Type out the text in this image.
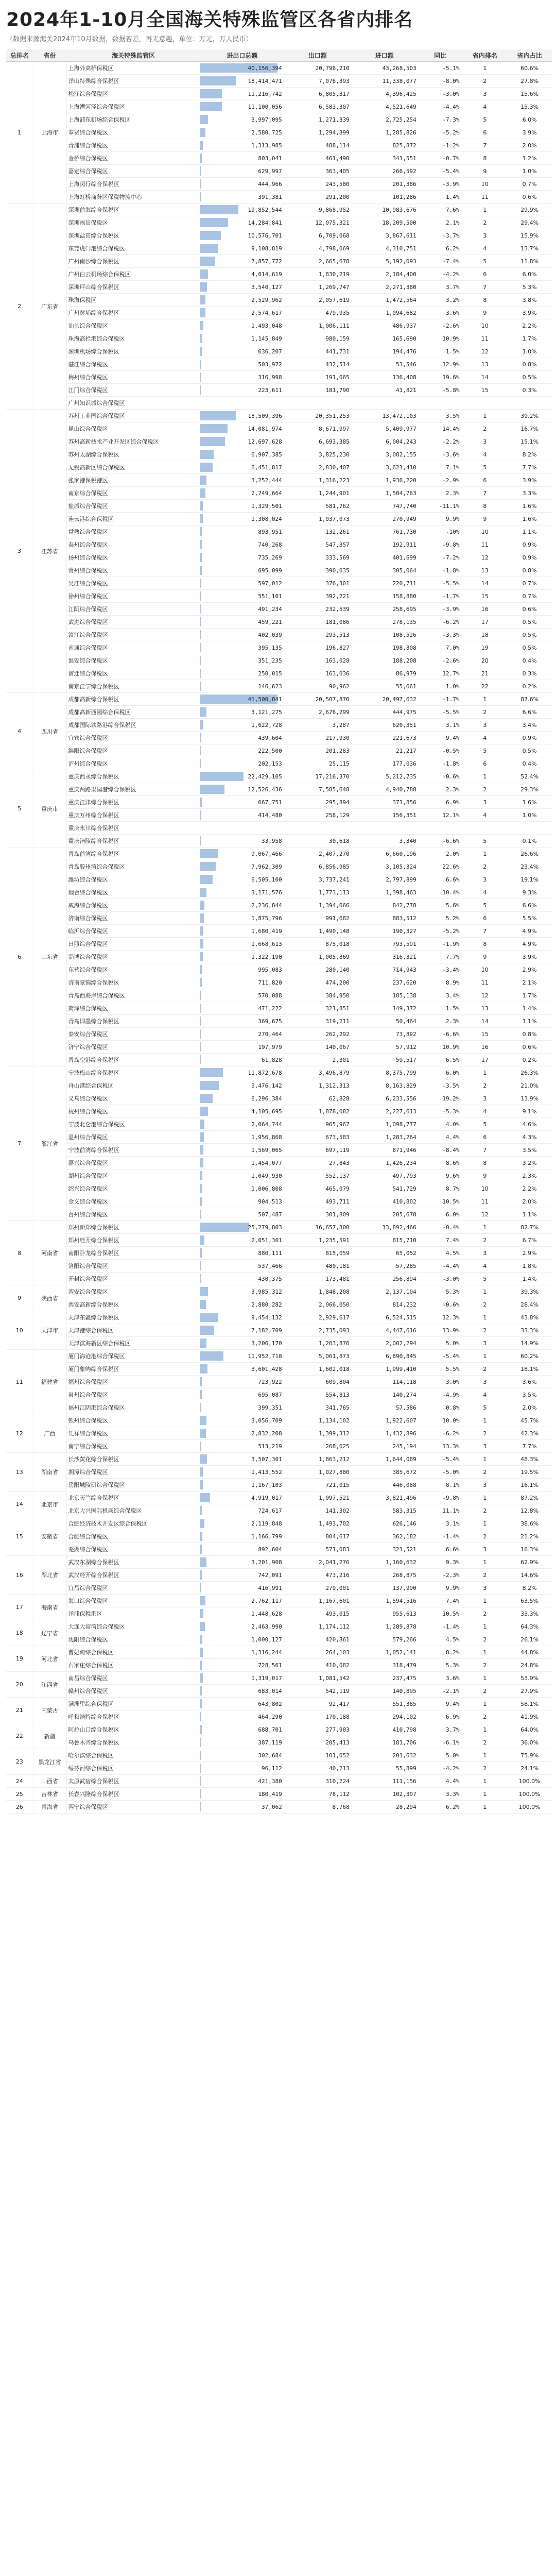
2024年1-10月全国海关特殊监管区各省内排名
（数据来源海关2024年10月数据，数据若差，再无意趣，单位：万元，万人民币）
总排名	省份	海关特殊监管区	进出口总额	出口额	进口额	同比	省内排名	省内占比
1	上海市	上海外高桥保税区	40,156,394	20,798,210	43,268,503	-5.1%	1	60.6%
		洋山特殊综合保税区	18,414,471	7,076,393	11,338,077	-8.0%	2	27.8%
		松江综合保税区	11,216,742	6,805,317	4,396,425	-3.0%	3	15.6%
		上海漕河泾综合保税区	11,100,056	6,583,307	4,521,649	-4.4%	4	15.3%
		上海浦东机场综合保税区	3,997,095	1,271,339	2,725,254	-7.3%	5	6.0%
		奉贤综合保税区	2,580,725	1,294,899	1,285,826	-5.2%	6	3.9%
		青浦综合保税区	1,313,985	488,114	825,872	-1.2%	7	2.0%
		金桥综合保税区	803,041	461,490	341,551	-0.7%	8	1.2%
		嘉定综合保税区	629,997	363,405	266,592	-5.4%	9	1.0%
		上海闵行综合保税区	444,966	243,580	201,386	-3.9%	10	0.7%
		上海虹桥商务区保税物流中心	391,381	291,200	101,286	1.4%	11	0.6%
2	广东省	深圳前海综合保税区	19,852,544	9,868,952	10,983,676	7.6%	1	29.9%
		深圳福田保税区	14,284,841	12,075,321	18,209,500	2.1%	2	29.4%
		深圳盐田综合保税区	10,576,701	6,709,068	3,867,611	-3.7%	3	15.9%
		东莞虎门港综合保税区	9,108,819	4,798,069	4,310,751	6.2%	4	13.7%
		广州南沙综合保税区	7,857,772	2,665,678	5,192,093	-7.4%	5	11.8%
		广州白云机场综合保税区	4,014,619	1,830,219	2,184,400	-4.2%	6	6.0%
		深圳坪山综合保税区	3,540,127	1,269,747	2,271,380	3.7%	7	5.3%
		珠海保税区	2,529,962	2,057,619	1,472,564	3.2%	8	3.8%
		广州黄埔综合保税区	2,574,617	479,935	1,094,682	3.6%	9	3.9%
		汕头综合保税区	1,493,048	1,006,111	486,937	-2.6%	10	2.2%
		珠海高栏港综合保税区	1,145,849	980,159	165,690	10.9%	11	1.7%
		深圳机场综合保税区	636,207	441,731	194,476	1.5%	12	1.0%
		湛江综合保税区	503,972	432,514	53,546	12.9%	13	0.8%
		梅州综合保税区	316,998	191,065	136,408	19.6%	14	0.5%
		江门综合保税区	223,611	181,790	41,821	-5.8%	15	0.3%
		广州知识城综合保税区	

3	江苏省	苏州工业园综合保税区	18,509,396	20,351,253	13,472,103	3.5%	1	39.2%
		昆山综合保税区	14,081,974	8,671,997	5,409,977	14.4%	2	16.7%
		苏州高新技术产业开发区综合保税区	12,697,628	6,693,385	6,004,243	-2.2%	3	15.1%
		苏州太湖综合保税区	6,907,385	3,825,230	3,082,155	-3.6%	4	8.2%
		无锡高新区综合保税区	6,451,817	2,830,407	3,621,410	7.1%	5	7.7%
		张家港保税港区	3,252,444	1,316,223	1,936,220	-2.9%	6	3.9%
		南京综合保税区	2,749,664	1,244,901	1,504,763	2.3%	7	3.3%
		盐城综合保税区	1,329,501	581,762	747,740	-11.1%	8	1.6%
		连云港综合保税区	1,308,024	1,037,073	270,949	9.9%	9	1.6%
		常熟综合保税区	893,951	132,261	761,730	-10%	10	1.1%
		泰州综合保税区	740,268	547,357	192,911	-9.8%	11	0.9%
		扬州综合保税区	735,269	333,569	401,699	-7.2%	12	0.9%
		常州综合保税区	695,099	390,035	305,064	-1.8%	13	0.8%
		吴江综合保税区	597,012	376,301	220,711	-5.5%	14	0.7%
		徐州综合保税区	551,101	392,221	158,880	-1.7%	15	0.7%
		江阴综合保税区	491,234	232,539	258,695	-3.9%	16	0.6%
		武进综合保税区	459,221	181,086	278,135	-6.2%	17	0.5%
		镇江综合保税区	402,039	293,513	108,526	-3.3%	18	0.5%
		南通综合保税区	395,135	196,827	198,308	7.0%	19	0.5%
		淮安综合保税区	351,235	163,028	188,208	-2.6%	20	0.4%
		宿迁综合保税区	250,015	163,036	86,979	12.7%	21	0.3%
		南京江宁综合保税区	146,623	90,962	55,661	1.0%	22	0.2%
4	四川省	成都高新综合保税区	41,500,841	20,507,870	20,497,632	-1.7%	1	87.6%
		成都高新西园综合保税区	3,121,275	2,676,299	444,975	-5.5%	2	6.6%
		成都国际铁路港综合保税区	1,622,728	3,287	620,351	3.1%	3	3.4%
		宜宾综合保税区	439,604	217,930	221,673	9.4%	4	0.9%
		绵阳综合保税区	222,500	201,283	21,217	-0.5%	5	0.5%
		泸州综合保税区	202,153	25,115	177,036	-1.8%	6	0.4%
5	重庆市	重庆西永综合保税区	22,429,105	17,216,370	5,212,735	-0.6%	1	52.4%
		重庆两路果园港综合保税区	12,526,436	7,585,648	4,940,788	2.3%	2	29.3%
		重庆江津综合保税区	667,751	295,894	371,856	6.9%	3	1.6%
		重庆万州综合保税区	414,480	258,129	156,351	12.1%	4	1.0%
		重庆永川综合保税区	

		重庆涪陵综合保税区	33,958	30,618	3,340	-6.6%	5	0.1%
6	山东省	青岛前湾综合保税区	9,067,466	2,407,270	6,660,196	2.0%	1	26.6%
		青岛胶州湾综合保税区	7,962,309	6,856,985	3,105,324	22.6%	2	23.4%
		潍坊综合保税区	6,505,100	3,737,241	2,797,899	6.6%	3	19.1%
		烟台综合保税区	3,171,576	1,773,113	1,398,463	10.4%	4	9.3%
		威海综合保税区	2,236,844	1,394,066	842,778	5.6%	5	6.6%
		济南综合保税区	1,875,796	991,682	883,512	5.2%	6	5.5%
		临沂综合保税区	1,680,419	1,490,148	190,327	-5.2%	7	4.9%
		日照综合保税区	1,668,613	875,018	793,591	-1.9%	8	4.9%
		淄博综合保税区	1,322,190	1,005,869	316,321	7.7%	9	3.9%
		东营综合保税区	995,083	280,140	714,943	-3.4%	10	2.9%
		济南章锦综合保税区	711,820	474,200	237,620	8.9%	11	2.1%
		青岛西海岸综合保税区	570,088	384,950	185,138	3.4%	12	1.7%
		菏泽综合保税区	471,222	321,851	149,372	1.5%	13	1.4%
		青岛即墨综合保税区	369,675	319,211	50,464	2.3%	14	1.1%
		泰安综合保税区	270,464	262,292	73,892	-6.6%	15	0.8%
		济宁综合保税区	197,979	140,067	57,912	10.9%	16	0.6%
		青岛空港综合保税区	61,828	2,301	59,517	6.5%	17	0.2%
7	浙江省	宁波梅山综合保税区	11,872,678	3,496,879	8,375,799	6.0%	1	26.3%
		舟山港综合保税区	9,476,142	1,312,313	8,163,829	-3.5%	2	21.0%
		义乌综合保税区	6,296,384	62,828	6,233,556	19.2%	3	13.9%
		杭州综合保税区	4,105,695	1,878,082	2,227,613	-5.3%	4	9.1%
		宁波北仑港综合保税区	2,064,744	965,967	1,098,777	4.0%	5	4.6%
		温州综合保税区	1,956,868	673,583	1,283,264	4.4%	6	4.3%
		宁波前湾综合保税区	1,569,065	697,119	871,946	-8.4%	7	3.5%
		嘉兴综合保税区	1,454,077	27,843	1,426,234	8.6%	8	3.2%
		湖州综合保税区	1,049,930	552,137	497,793	9.6%	9	2.3%
		绍兴综合保税区	1,006,808	465,079	541,729	8.7%	10	2.2%
		金义综合保税区	904,513	493,711	410,802	10.5%	11	2.0%
		台州综合保税区	507,487	301,809	205,678	6.0%	12	1.1%
8	河南省	郑州新郑综合保税区	25,279,803	16,657,300	13,892,466	-0.4%	1	82.7%
		郑州经开综合保税区	2,051,301	1,235,591	815,710	7.4%	2	6.7%
		南阳卧龙综合保税区	880,111	815,059	65,052	4.5%	3	2.9%
		洛阳综合保税区	537,466	480,181	57,285	-4.4%	4	1.8%
		开封综合保税区	430,375	173,481	256,894	-3.0%	5	1.4%
9	陕西省	西安综合保税区	3,985,312	1,848,208	2,137,104	5.3%	1	39.3%
		西安高新综合保税区	2,880,282	2,066,050	814,232	-0.6%	2	28.4%
10	天津市	天津东疆综合保税区	9,454,132	2,929,617	6,524,515	12.3%	1	43.8%
		天津港综合保税区	7,182,709	2,735,093	4,447,616	13.9%	2	33.3%
		天津滨海新区综合保税区	3,206,170	1,203,876	2,002,294	5.0%	3	14.9%
11	福建省	厦门海沧港综合保税区	11,952,718	5,061,873	6,890,845	-5.4%	1	60.2%
		厦门象屿综合保税区	3,601,428	1,602,018	1,999,410	5.5%	2	18.1%
		福州综合保税区	723,922	609,804	114,118	3.0%	3	3.6%
		泉州综合保税区	695,087	554,813	140,274	-4.9%	4	3.5%
		福州江阴港综合保税区	399,351	341,765	57,586	0.8%	5	2.0%
12	广西	钦州综合保税区	3,056,709	1,134,102	1,922,607	10.0%	1	45.7%
		凭祥综合保税区	2,832,208	1,399,312	1,432,896	-6.2%	2	42.3%
		南宁综合保税区	513,219	268,025	245,194	13.3%	3	7.7%
13	湖南省	长沙黄花综合保税区	3,507,301	1,863,212	1,644,089	-5.4%	1	48.3%
		湘潭综合保税区	1,413,552	1,027,880	385,672	-5.0%	2	19.5%
		岳阳城陵矶综合保税区	1,167,103	721,015	446,088	8.1%	3	16.1%
14	北京市	北京天竺综合保税区	4,919,017	1,097,521	3,821,496	-9.8%	1	87.2%
		北京大兴国际机场综合保税区	724,617	141,302	583,315	11.1%	2	12.8%
15	安徽省	合肥经济技术开发区综合保税区	2,119,848	1,493,702	626,146	3.1%	1	38.6%
		合肥综合保税区	1,166,799	804,617	362,182	-1.4%	2	21.2%
		芜湖综合保税区	892,604	571,083	321,521	6.6%	3	16.3%
16	湖北省	武汉东湖综合保税区	3,201,908	2,041,276	1,160,632	9.3%	1	62.9%
		武汉经开综合保税区	742,091	473,216	268,875	-2.3%	2	14.6%
		宜昌综合保税区	416,991	279,001	137,990	9.9%	3	8.2%
17	海南省	海口综合保税区	2,762,117	1,167,601	1,594,516	7.4%	1	63.5%
		洋浦保税港区	1,448,628	493,015	955,613	10.5%	2	33.3%
18	辽宁省	大连大窑湾综合保税区	2,463,990	1,174,112	1,289,878	-1.4%	1	64.3%
		沈阳综合保税区	1,000,127	420,861	579,266	4.5%	2	26.1%
19	河北省	曹妃甸综合保税区	1,316,244	264,103	1,052,141	8.2%	1	44.8%
		石家庄综合保税区	728,561	410,082	318,479	5.3%	2	24.8%
20	江西省	南昌综合保税区	1,319,017	1,081,542	237,475	3.6%	1	53.9%
		赣州综合保税区	683,014	542,119	140,895	-2.1%	2	27.9%
21	内蒙古	满洲里综合保税区	643,802	92,417	551,385	9.4%	1	58.1%
		呼和浩特综合保税区	464,290	170,188	294,102	6.9%	2	41.9%
22	新疆	阿拉山口综合保税区	688,701	277,903	410,798	3.7%	1	64.0%
		乌鲁木齐综合保税区	387,119	205,413	181,706	-6.1%	2	36.0%
23	黑龙江省	哈尔滨综合保税区	302,684	101,052	201,632	5.0%	1	75.9%
		绥芬河综合保税区	96,112	40,213	55,899	-4.2%	2	24.1%
24	山西省	太原武宿综合保税区	421,380	310,224	111,156	4.4%	1	100.0%
25	吉林省	长春兴隆综合保税区	180,419	78,112	102,307	3.3%	1	100.0%
26	青海省	西宁综合保税区	37,062	8,768	28,294	6.2%	1	100.0%
